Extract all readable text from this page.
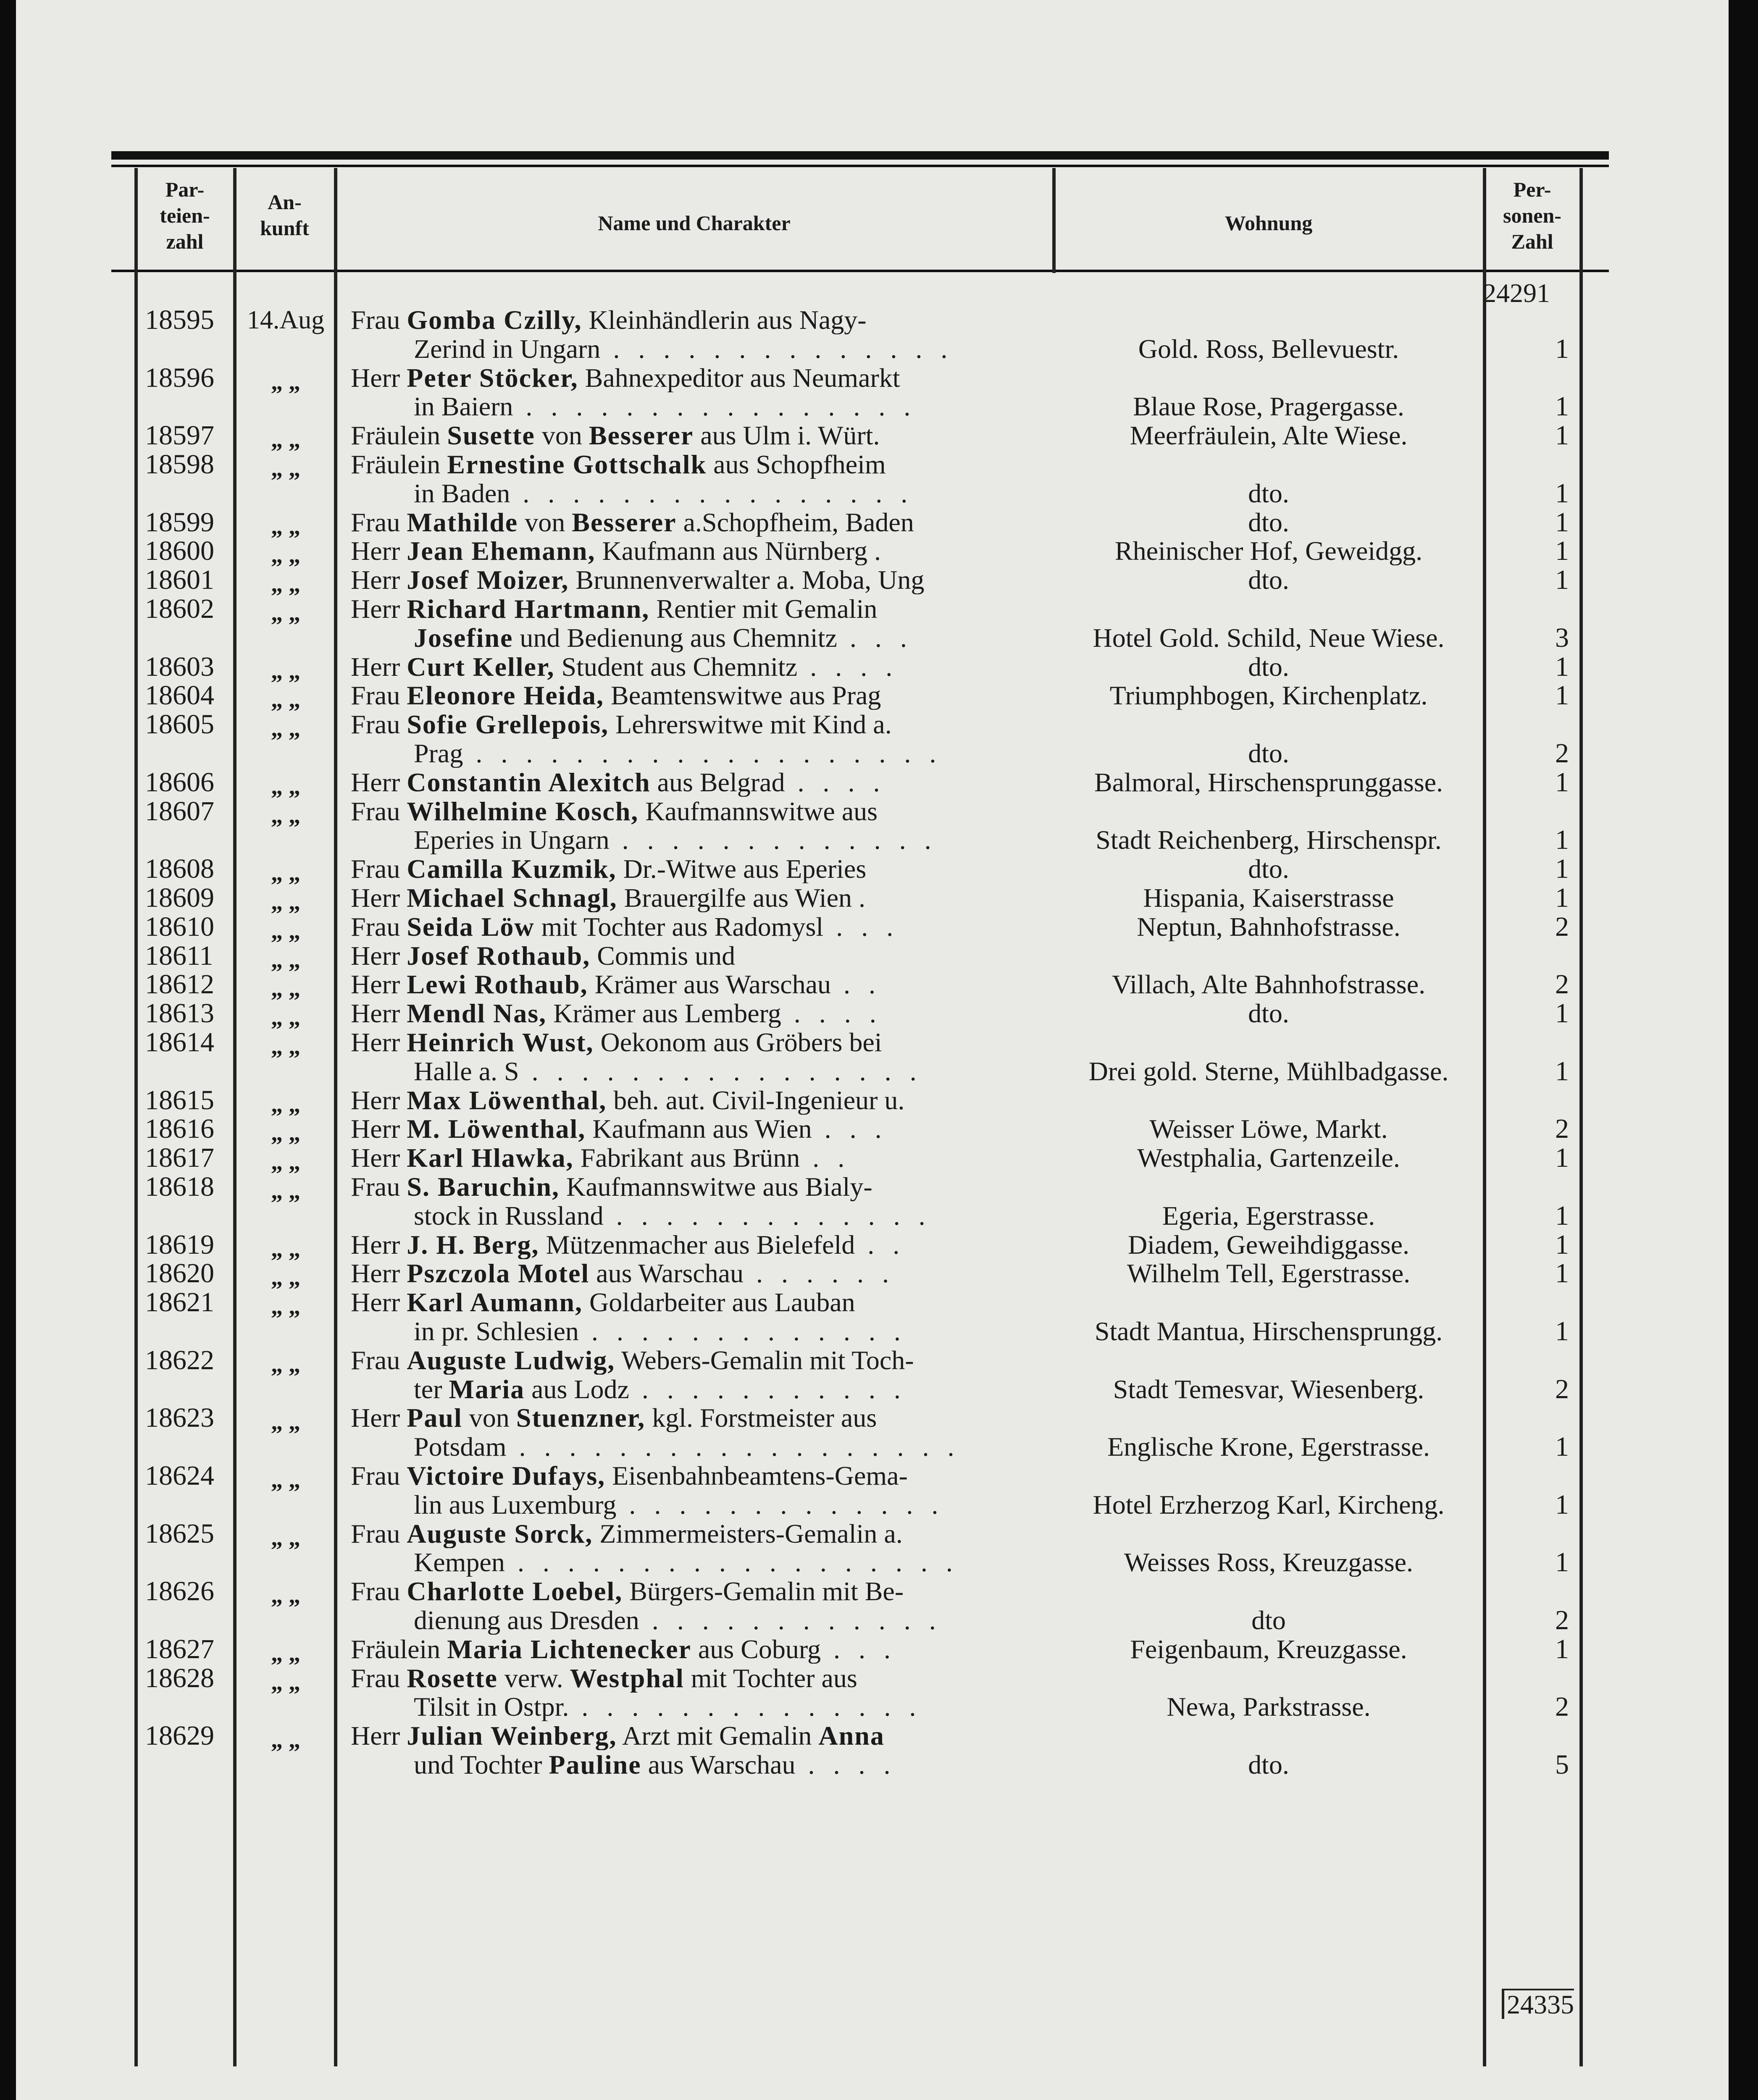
Par-
teien-
zahl
An-
kunft	Name und Charakter	Wohnung
Per-
sonen-
Zahl
24291
18595	14.Aug Frau Gomba Czilly, Kleinhändlerin aus Nagy-
Zerind in Ungarn . . . . . . . . . . . . . .	Gold. Ross, Bellevuestr.	1
18596	„ „	Herr Peter Stöcker, Bahnexpeditor aus Neumarkt
in Baiern . . . . . . . . . . . . . . . .	Blaue Rose, Pragergasse.	1
18597	„ „	Fräulein Susette von Besserer aus Ulm i. Würt.	Meerfräulein, Alte Wiese.	1
18598	„ „	Fräulein Ernestine Gottschalk aus Schopfheim
in Baden . . . . . . . . . . . . . . . .	dto.	1
18599	„ „	Frau Mathilde von Besserer a.Schopfheim, Baden	dto.	1
18600	„ „	Herr Jean Ehemann, Kaufmann aus Nürnberg .	Rheinischer Hof, Geweidgg.	1
18601	„ „	Herr Josef Moizer, Brunnenverwalter a. Moba, Ung	dto.	1
18602	„ „	Herr Richard Hartmann, Rentier mit Gemalin
Josefine und Bedienung aus Chemnitz . . .	Hotel Gold. Schild, Neue Wiese.	3
18603	„ „	Herr Curt Keller, Student aus Chemnitz . . . .	dto.	1
18604	„ „	Frau Eleonore Heida, Beamtenswitwe aus Prag	Triumphbogen, Kirchenplatz.	1
18605	„ „	Frau Sofie Grellepois, Lehrerswitwe mit Kind a.
Prag . . . . . . . . . . . . . . . . . . .	dto.	2
18606	„ „	Herr Constantin Alexitch aus Belgrad . . . .	Balmoral, Hirschensprunggasse.	1
18607	„ „	Frau Wilhelmine Kosch, Kaufmannswitwe aus
Eperies in Ungarn . . . . . . . . . . . . .	Stadt Reichenberg, Hirschenspr.	1
18608	„ „	Frau Camilla Kuzmik, Dr.-Witwe aus Eperies	dto.	1
18609	„ „	Herr Michael Schnagl, Brauergilfe aus Wien .	Hispania, Kaiserstrasse	1
18610	„ „	Frau Seida Löw mit Tochter aus Radomysl . . .	Neptun, Bahnhofstrasse.	2
18611	„ „	Herr Josef Rothaub, Commis und
18612	„ „	Herr Lewi Rothaub, Krämer aus Warschau . .	Villach, Alte Bahnhofstrasse.	2
18613	„ „	Herr Mendl Nas, Krämer aus Lemberg . . . .	dto.	1
18614	„ „	Herr Heinrich Wust, Oekonom aus Gröbers bei
Halle a. S . . . . . . . . . . . . . . . .	Drei gold. Sterne, Mühlbadgasse.	1
18615	„ „	Herr Max Löwenthal, beh. aut. Civil-Ingenieur u.
18616	„ „	Herr M. Löwenthal, Kaufmann aus Wien . . .	Weisser Löwe, Markt.	2
18617	„ „	Herr Karl Hlawka, Fabrikant aus Brünn . .	Westphalia, Gartenzeile.	1
18618	„ „	Frau S. Baruchin, Kaufmannswitwe aus Bialy-
stock in Russland . . . . . . . . . . . . .	Egeria, Egerstrasse.	1
18619	„ „	Herr J. H. Berg, Mützenmacher aus Bielefeld . .	Diadem, Geweihdiggasse.	1
18620	„ „	Herr Pszczola Motel aus Warschau . . . . . .	Wilhelm Tell, Egerstrasse.	1
18621	„ „	Herr Karl Aumann, Goldarbeiter aus Lauban
in pr. Schlesien . . . . . . . . . . . . .	Stadt Mantua, Hirschensprungg.	1
18622	„ „	Frau Auguste Ludwig, Webers-Gemalin mit Toch-
ter Maria aus Lodz . . . . . . . . . . .	Stadt Temesvar, Wiesenberg.	2
18623	„ „	Herr Paul von Stuenzner, kgl. Forstmeister aus
Potsdam . . . . . . . . . . . . . . . . . .	Englische Krone, Egerstrasse.	1
18624	„ „	Frau Victoire Dufays, Eisenbahnbeamtens-Gema-
lin aus Luxemburg . . . . . . . . . . . . .	Hotel Erzherzog Karl, Kircheng.	1
18625	„ „	Frau Auguste Sorck, Zimmermeisters-Gemalin a.
Kempen . . . . . . . . . . . . . . . . . .	Weisses Ross, Kreuzgasse.	1
18626	„ „	Frau Charlotte Loebel, Bürgers-Gemalin mit Be-
dienung aus Dresden . . . . . . . . . . . .	dto	2
18627	„ „	Fräulein Maria Lichtenecker aus Coburg . . .	Feigenbaum, Kreuzgasse.	1
18628	„ „	Frau Rosette verw. Westphal mit Tochter aus
Tilsit in Ostpr. . . . . . . . . . . . . . .	Newa, Parkstrasse.	2
18629	„ „	Herr Julian Weinberg, Arzt mit Gemalin Anna
und Tochter Pauline aus Warschau . . . .	dto.	5
24335
